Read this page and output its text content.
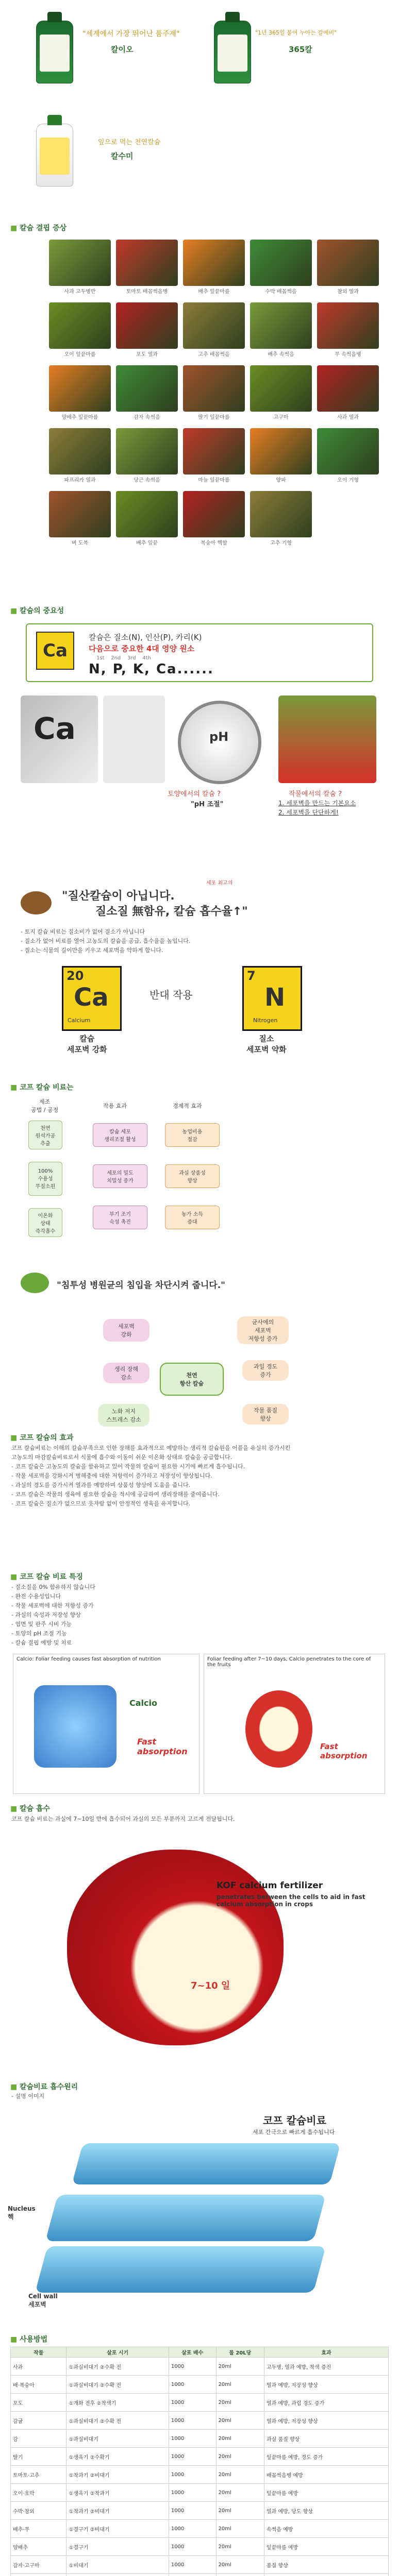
"세계에서 가장 뛰어난 품주제"
칼이오
"1년 365일 붙여 누아는 칼예비"
365칼
잎으로 먹는 천연칼슘
칼수미
■ 칼슘 결핍 증상
사과 고두병반	토마토 배꼽썩음병	배추 잎끝마름	수박 배꼽썩음	참외 열과
오이 잎끝마름	포도 열과	고추 배꼽썩음	배추 속썩음	무 속썩음병
양배추 잎끝마름	감자 속썩음	딸기 잎끝마름	고구마	사과 열과
파프리카 열과	당근 속썩음	마늘 잎끝마름	양파	오이 기형
벼 도복	배추 잎끝	복숭아 핵할	고추 기형
■ 칼슘의 중요성
Ca
칼슘은 질소(N), 인산(P), 카리(K)
다음으로 중요한 4대 영양 원소
1st 2nd 3rd 4th
N, P, K, Ca......
Ca	pH
토양에서의 칼슘 ?
"pH 조절"
작물에서의 칼슘 ?
1. 세포벽을 만드는 기본요소
2. 세포벽을 단단하게!
세포 최고의
"질산칼슘이 아닙니다.
질소질 無함유, 칼슘 흡수율↑"
- 토지 칼슘 비료는 질소비가 없어 질소가 아닙니다
- 질소가 없어 비료를 열어 고농도의 칼슘을 공급, 흡수율을 높입니다.
- 질소는 식물의 길이만을 키우고 세포벽을 약하게 합니다.
20
Ca
Calcium
칼슘
세포벽 강화
반대 작용
7
N
Nitrogen
질소
세포벽 약화
■ 코프 칼슘 비료는
제조
공법 / 공정
작용 효과	경제적 효과
천연
원석가공
추출
100%
수용성
무질소원
이온화
상태
즉각흡수
칼슘 세포
생리조절 활성
세포의 밀도
치밀성 증가
부기 조기
숙성 촉진
농업비용
절감
과실 상품성
향상
농가 소득
증대
"침투성 병원균의 침입을 차단시켜 줍니다."
천연
항산 칼슘
세포벽
강화
균사에의
세포벽
저항성 증가
과일 경도
증가
작물 품질
향상
노화 저지
스트레스 감소
생리 장해
감소
■ 코프 칼슘의 효과
코프 칼슘비료는 이해의 칼슘부족으로 인한 장해를 효과적으로 예방하는 생리적 칼슘원을 어플을 유실히 증가시킨
고농도의 마감칼슘비료로서 식물에 흡수와 이동이 쉬운 이온화 상태로 칼슘을 공급합니다.
- 코프 칼슘은 고농도의 칼슘을 함유하고 있어 작물의 칼슘이 필요한 시기에 빠르게 흡수됩니다.
- 작물 세포벽을 강화시켜 병해충에 대한 저항력이 증가하고 저장성이 향상됩니다.
- 과실의 경도를 증가시켜 열과를 예방하며 상품성 향상에 도움을 줍니다.
- 코프 칼슘은 작물의 생육에 필요한 칼슘을 적시에 공급하여 생리장해를 줄여줍니다.
- 코프 칼슘은 질소가 없으므로 웃자람 없이 안정적인 생육을 유지합니다.
■ 코프 칼슘 비료 특징
- 질소질을 0% 함유하지 않습니다
- 완전 수용성입니다
- 작물 세포벽에 대한 저항성 증가
- 과실의 숙성과 저장성 향상
- 엽면 및 관주 시비 가능
- 토양의 pH 조절 기능
- 칼슘 결핍 예방 및 치료
Calcio: Foliar feeding causes fast absorption of nutrition
Calcio
Fast absorption
Foliar feeding after 7~10 days, Calcio penetrates to the core of the fruits
Fast absorption
■ 칼슘 흡수
코프 칼슘 비료는 과실에 7~10일 만에 흡수되어 과실의 모든 부분까지 고르게 전달됩니다.
7~10 일
KOF calcium fertilizer
penetrates between the cells to aid in fast calcium absorption in crops
■ 칼슘비료 흡수원리
- 설명 이미지
Nucleus
핵
Cell wall
세포벽
코프 칼슘비료
세포 간극으로 빠르게 흡수됩니다
■ 사용방법
작물	살포 시기	살포 배수	물 20L당	효과
사과	①과실비대기 ②수확 전	1000	20ml	고두병, 열과 예방, 착색 증진
배·복숭아	①과실비대기 ②수확 전	1000	20ml	열과 예방, 저장성 향상
포도	①개화 전후 ②착색기	1000	20ml	열과 예방, 과립 경도 증가
감귤	①과실비대기 ②수확 전	1000	20ml	열과 예방, 저장성 향상
감	①과실비대기	1000	20ml	과실 품질 향상
딸기	①생육기 ②수확기	1000	20ml	잎끝마름 예방, 경도 증가
토마토·고추	①착과기 ②비대기	1000	20ml	배꼽썩음병 예방
오이·호박	①생육기 ②착과기	1000	20ml	잎끝마름 예방
수박·참외	①착과기 ②비대기	1000	20ml	열과 예방, 당도 향상
배추·무	①결구기 ②비대기	1000	20ml	속썩음 예방
양배추	①결구기	1000	20ml	잎끝마름 예방
감자·고구마	①비대기	1000	20ml	품질 향상
